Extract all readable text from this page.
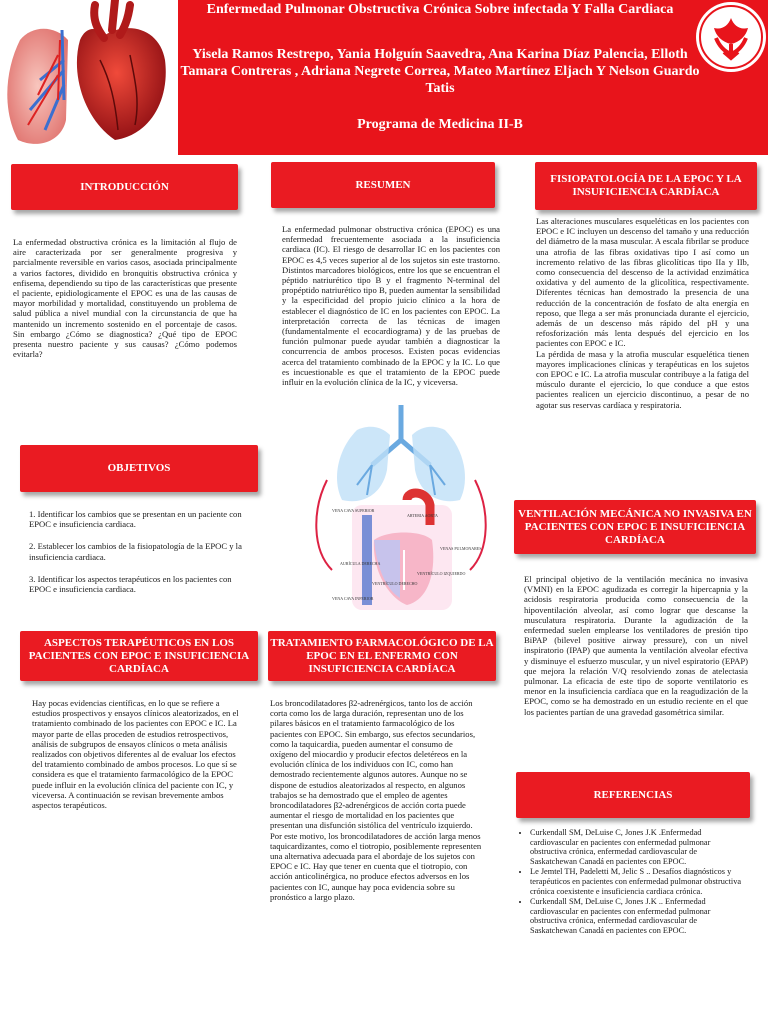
Enfermedad Pulmonar Obstructiva Crónica Sobre infectada Y Falla Cardiaca
Yisela Ramos Restrepo, Yania Holguín Saavedra, Ana Karina Díaz Palencia, Elloth Tamara Contreras , Adriana Negrete Correa, Mateo Martínez Eljach Y Nelson Guardo Tatis
Programa de Medicina II-B
INTRODUCCIÓN
La enfermedad obstructiva crónica es la limitación al flujo de aire caracterizada por ser generalmente progresiva y parcialmente reversible en varios casos, asociada principalmente a varios factores, dividido en bronquitis obstructiva crónica y enfisema, dependiendo su tipo de las características que presente el paciente, epidiologicamente el EPOC es una de las causas de mayor morbilidad y mortalidad, constituyendo un problema de salud pública a nivel mundial con la circunstancia de que ha mantenido un incremento sostenido en el porcentaje de casos. Sin embargo ¿Cómo se diagnostica? ¿Qué tipo de EPOC presenta nuestro paciente y sus causas? ¿Cómo podemos evitarla?
RESUMEN
La enfermedad pulmonar obstructiva crónica (EPOC) es una enfermedad frecuentemente asociada a la insuficiencia cardiaca (IC). El riesgo de desarrollar IC en los pacientes con EPOC es 4,5 veces superior al de los sujetos sin este trastorno. Distintos marcadores biológicos, entre los que se encuentran el péptido natriurético tipo B y el fragmento N-terminal del propéptido natriurético tipo B, pueden aumentar la sensibilidad y la especificidad del propio juicio clínico a la hora de establecer el diagnóstico de IC en los pacientes con EPOC. La interpretación correcta de las técnicas de imagen (fundamentalmente el ecocardiograma) y de las pruebas de función pulmonar puede ayudar también a diagnosticar la concurrencia de ambos procesos. Existen pocas evidencias acerca del tratamiento combinado de la EPOC y la IC. Lo que es incuestionable es que el tratamiento de la EPOC puede influir en la evolución clínica de la IC, y viceversa.
FISIOPATOLOGÍA DE LA EPOC Y LA INSUFICIENCIA CARDÍACA

Las alteraciones musculares esqueléticas en los pacientes con EPOC e IC incluyen un descenso del tamaño y una reducción del diámetro de la masa muscular. A escala fibrilar se produce una atrofia de las fibras oxidativas tipo I así como un incremento relativo de las fibras glicolíticas tipo IIa y IIb, como consecuencia del descenso de la actividad enzimática oxidativa y del aumento de la glicolítica, respectivamente. Diferentes técnicas han demostrado la presencia de una reducción de la concentración de fosfato de alta energía en reposo, que llega a ser más pronunciada durante el ejercicio, además de un descenso más rápido del pH y una refosforización más lenta después del ejercicio en los pacientes con EPOC e IC.

La pérdida de masa y la atrofia muscular esquelética tienen mayores implicaciones clínicas y terapéuticas en los sujetos con EPOC e IC. La atrofia muscular contribuye a la fatiga del músculo durante el ejercicio, lo que conduce a que estos pacientes realicen un ejercicio discontinuo, a pesar de no agotar sus reservas cardíaca y respiratoria.

OBJETIVOS

1. Identificar los cambios que se presentan en un paciente con EPOC e insuficiencia cardiaca.

2. Establecer los cambios de la fisiopatología de la EPOC y la insuficiencia cardiaca.

3. Identificar los aspectos terapéuticos en los pacientes con EPOC e insuficiencia cardiaca.

VENA CAVA SUPERIOR
ARTERIA AORTA
VENAS PULMONARES
AURÍCULA DERECHA
VENTRÍCULO DERECHO
VENA CAVA INFERIOR
VENTRÍCULO IZQUIERDO
VENTILACIÓN MECÁNICA NO INVASIVA EN PACIENTES CON EPOC E INSUFICIENCIA CARDÍACA
El principal objetivo de la ventilación mecánica no invasiva (VMNI) en la EPOC agudizada es corregir la hipercapnia y la acidosis respiratoria producida como consecuencia de la hipoventilación alveolar, así como lograr que descanse la musculatura respiratoria. Durante la agudización de la enfermedad suelen emplearse los ventiladores de presión tipo BiPAP (bilevel positive airway pressure), con un nivel inspiratorio (IPAP) que aumenta la ventilación alveolar efectiva y disminuye el esfuerzo muscular, y un nivel espiratorio (EPAP) que mejora la relación V/Q resolviendo zonas de atelectasia pulmonar. La eficacia de este tipo de soporte ventilatorio es menor en la insuficiencia cardíaca que en la reagudización de la EPOC, como se ha demostrado en un estudio reciente en el que los pacientes partían de una gravedad gasométrica similar.
ASPECTOS TERAPÉUTICOS EN LOS PACIENTES CON EPOC E INSUFICIENCIA CARDÍACA
Hay pocas evidencias científicas, en lo que se refiere a estudios prospectivos y ensayos clínicos aleatorizados, en el tratamiento combinado de los pacientes con EPOC e IC. La mayor parte de ellas proceden de estudios retrospectivos, análisis de subgrupos de ensayos clínicos o meta análisis realizados con objetivos diferentes al de evaluar los efectos del tratamiento combinado de ambos procesos. Lo que sí se considera es que el tratamiento farmacológico de la EPOC puede influir en la evolución clínica del paciente con IC, y viceversa. A continuación se revisan brevemente ambos aspectos terapéuticos.
TRATAMIENTO FARMACOLÓGICO DE LA EPOC EN EL ENFERMO CON INSUFICIENCIA CARDÍACA
Los broncodilatadores β2-adrenérgicos, tanto los de acción corta como los de larga duración, representan uno de los pilares básicos en el tratamiento farmacológico de los pacientes con EPOC. Sin embargo, sus efectos secundarios, como la taquicardia, pueden aumentar el consumo de oxígeno del miocardio y producir efectos deletéreos en la evolución clínica de los individuos con IC, como han demostrado recientemente algunos autores. Aunque no se dispone de estudios aleatorizados al respecto, en algunos trabajos se ha demostrado que el empleo de agentes broncodilatadores β2-adrenérgicos de acción corta puede aumentar el riesgo de mortalidad en los pacientes que presentan una disfunción sistólica del ventrículo izquierdo. Por este motivo, los broncodilatadores de acción larga menos taquicardizantes, como el tiotropio, posiblemente representen una alternativa adecuada para el abordaje de los sujetos con EPOC e IC. Hay que tener en cuenta que el tiotropio, con acción anticolinérgica, no produce efectos adversos en los pacientes con IC, aunque hay poca evidencia sobre su pronóstico a largo plazo.
REFERENCIAS
• Curkendall SM, DeLuise C, Jones J.K .Enfermedad cardiovascular en pacientes con enfermedad pulmonar obstructiva crónica, enfermedad cardiovascular de Saskatchewan Canadá en pacientes con EPOC.
• Le Jemtel TH, Padeletti M, Jelic S .. Desafíos diagnósticos y terapéuticos en pacientes con enfermedad pulmonar obstructiva crónica coexistente e insuficiencia cardiaca crónica.
• Curkendall SM, DeLuise C, Jones J.K .. Enfermedad cardiovascular en pacientes con enfermedad pulmonar obstructiva crónica, enfermedad cardiovascular de Saskatchewan Canadá en pacientes con EPOC.
